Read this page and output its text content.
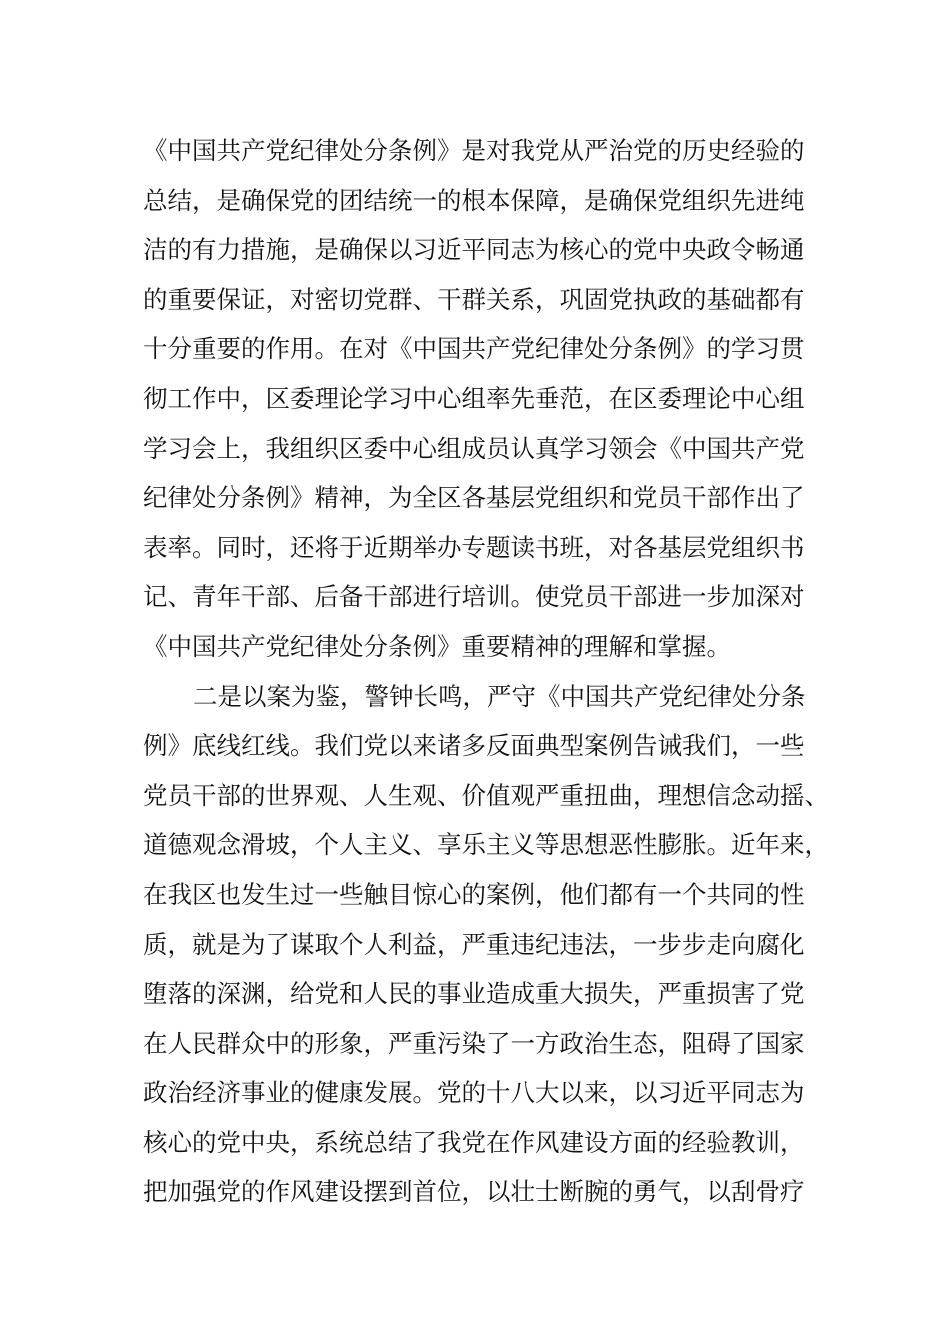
《中国共产党纪律处分条例》是对我党从严治党的历史经验的
总结，是确保党的团结统一的根本保障，是确保党组织先进纯
洁的有力措施，是确保以习近平同志为核心的党中央政令畅通
的重要保证，对密切党群、干群关系，巩固党执政的基础都有
十分重要的作用。在对《中国共产党纪律处分条例》的学习贯
彻工作中，区委理论学习中心组率先垂范，在区委理论中心组
学习会上，我组织区委中心组成员认真学习领会《中国共产党
纪律处分条例》精神，为全区各基层党组织和党员干部作出了
表率。同时，还将于近期举办专题读书班，对各基层党组织书
记、青年干部、后备干部进行培训。使党员干部进一步加深对
《中国共产党纪律处分条例》重要精神的理解和掌握。
二是以案为鉴，警钟长鸣，严守《中国共产党纪律处分条
例》底线红线。我们党以来诸多反面典型案例告诫我们，一些
党员干部的世界观、人生观、价值观严重扭曲，理想信念动摇、
道德观念滑坡，个人主义、享乐主义等思想恶性膨胀。近年来，
在我区也发生过一些触目惊心的案例，他们都有一个共同的性
质，就是为了谋取个人利益，严重违纪违法，一步步走向腐化
堕落的深渊，给党和人民的事业造成重大损失，严重损害了党
在人民群众中的形象，严重污染了一方政治生态，阻碍了国家
政治经济事业的健康发展。党的十八大以来，以习近平同志为
核心的党中央，系统总结了我党在作风建设方面的经验教训，
把加强党的作风建设摆到首位，以壮士断腕的勇气，以刮骨疗
